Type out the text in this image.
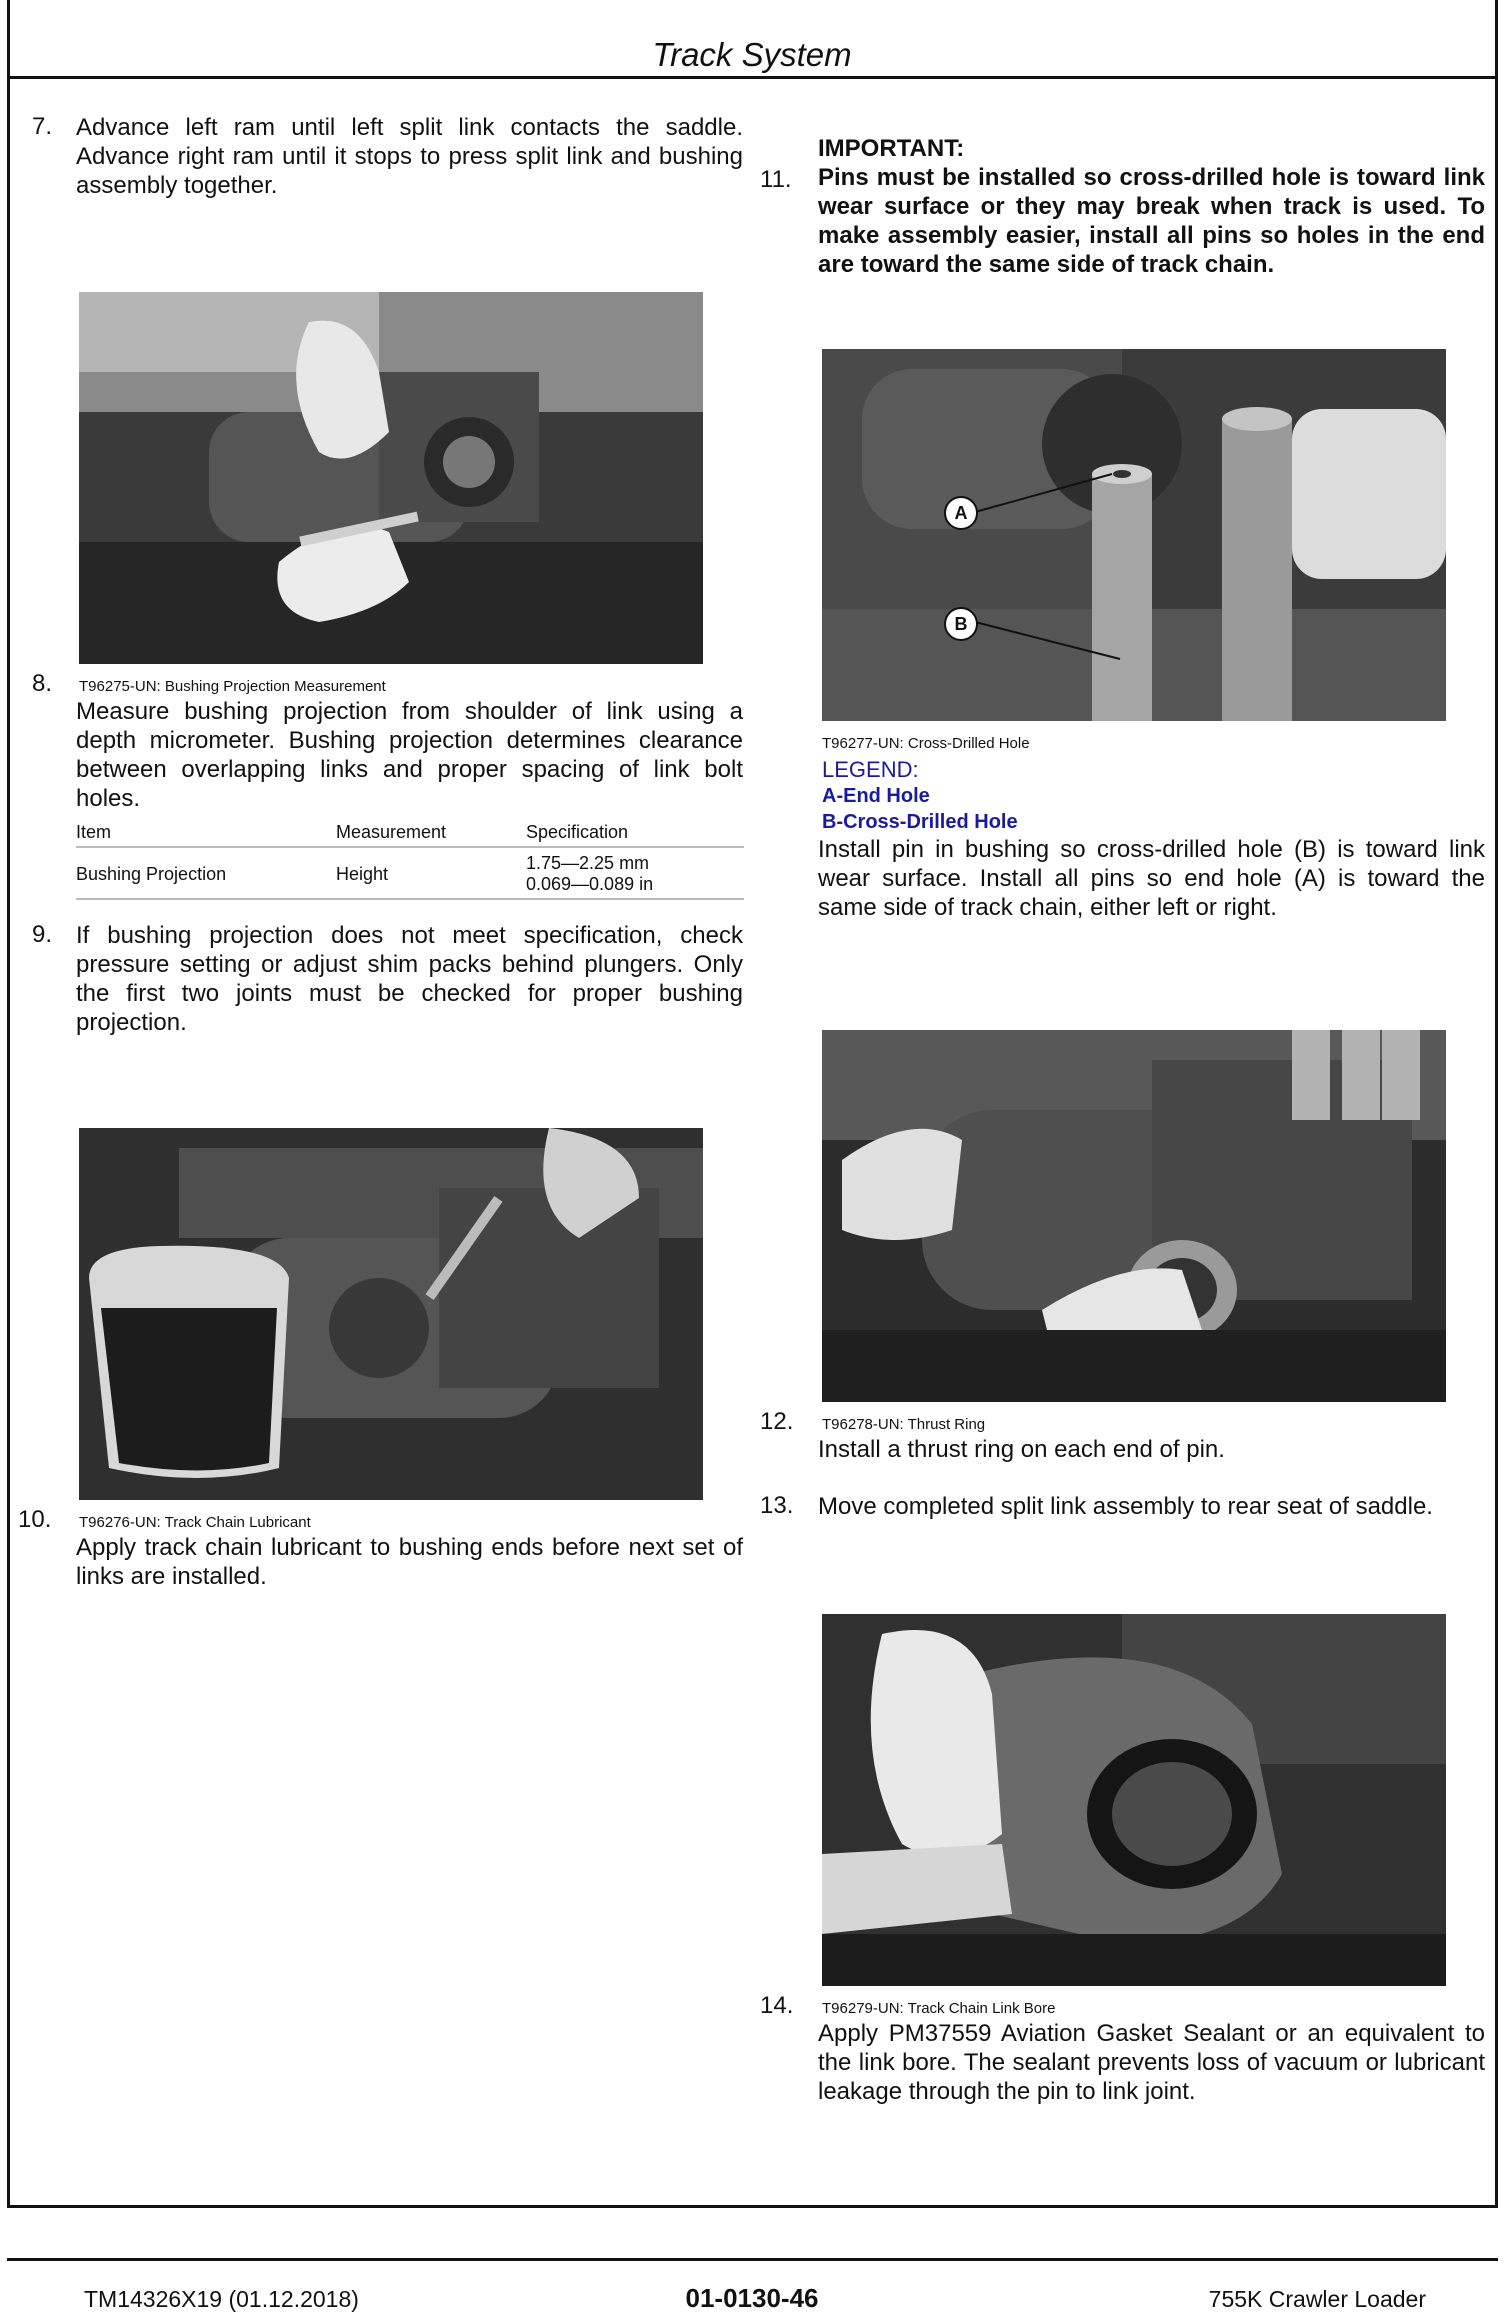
Track System
7. Advance left ram until left split link contacts the saddle. Advance right ram until it stops to press split link and bushing assembly together.
8. T96275-UN: Bushing Projection Measurement
Measure bushing projection from shoulder of link using a depth micrometer. Bushing projection determines clearance between overlapping links and proper spacing of link bolt holes.
Item	Measurement	Specification
Bushing Projection	Height	1.75—2.25 mm
0.069—0.089 in
9. If bushing projection does not meet specification, check pressure setting or adjust shim packs behind plungers. Only the first two joints must be checked for proper bushing projection.
10. T96276-UN: Track Chain Lubricant
Apply track chain lubricant to bushing ends before next set of links are installed.
11.
IMPORTANT:
Pins must be installed so cross-drilled hole is toward link wear surface or they may break when track is used. To make assembly easier, install all pins so holes in the end are toward the same side of track chain.
A
B
T96277-UN: Cross-Drilled Hole
LEGEND:
A-End Hole
B-Cross-Drilled Hole
Install pin in bushing so cross-drilled hole (B) is toward link wear surface. Install all pins so end hole (A) is toward the same side of track chain, either left or right.
12. T96278-UN: Thrust Ring
Install a thrust ring on each end of pin.
13. Move completed split link assembly to rear seat of saddle.
14. T96279-UN: Track Chain Link Bore
Apply PM37559 Aviation Gasket Sealant or an equivalent to the link bore. The sealant prevents loss of vacuum or lubricant leakage through the pin to link joint.
TM14326X19 (01.12.2018)	01-0130-46	755K Crawler Loader
